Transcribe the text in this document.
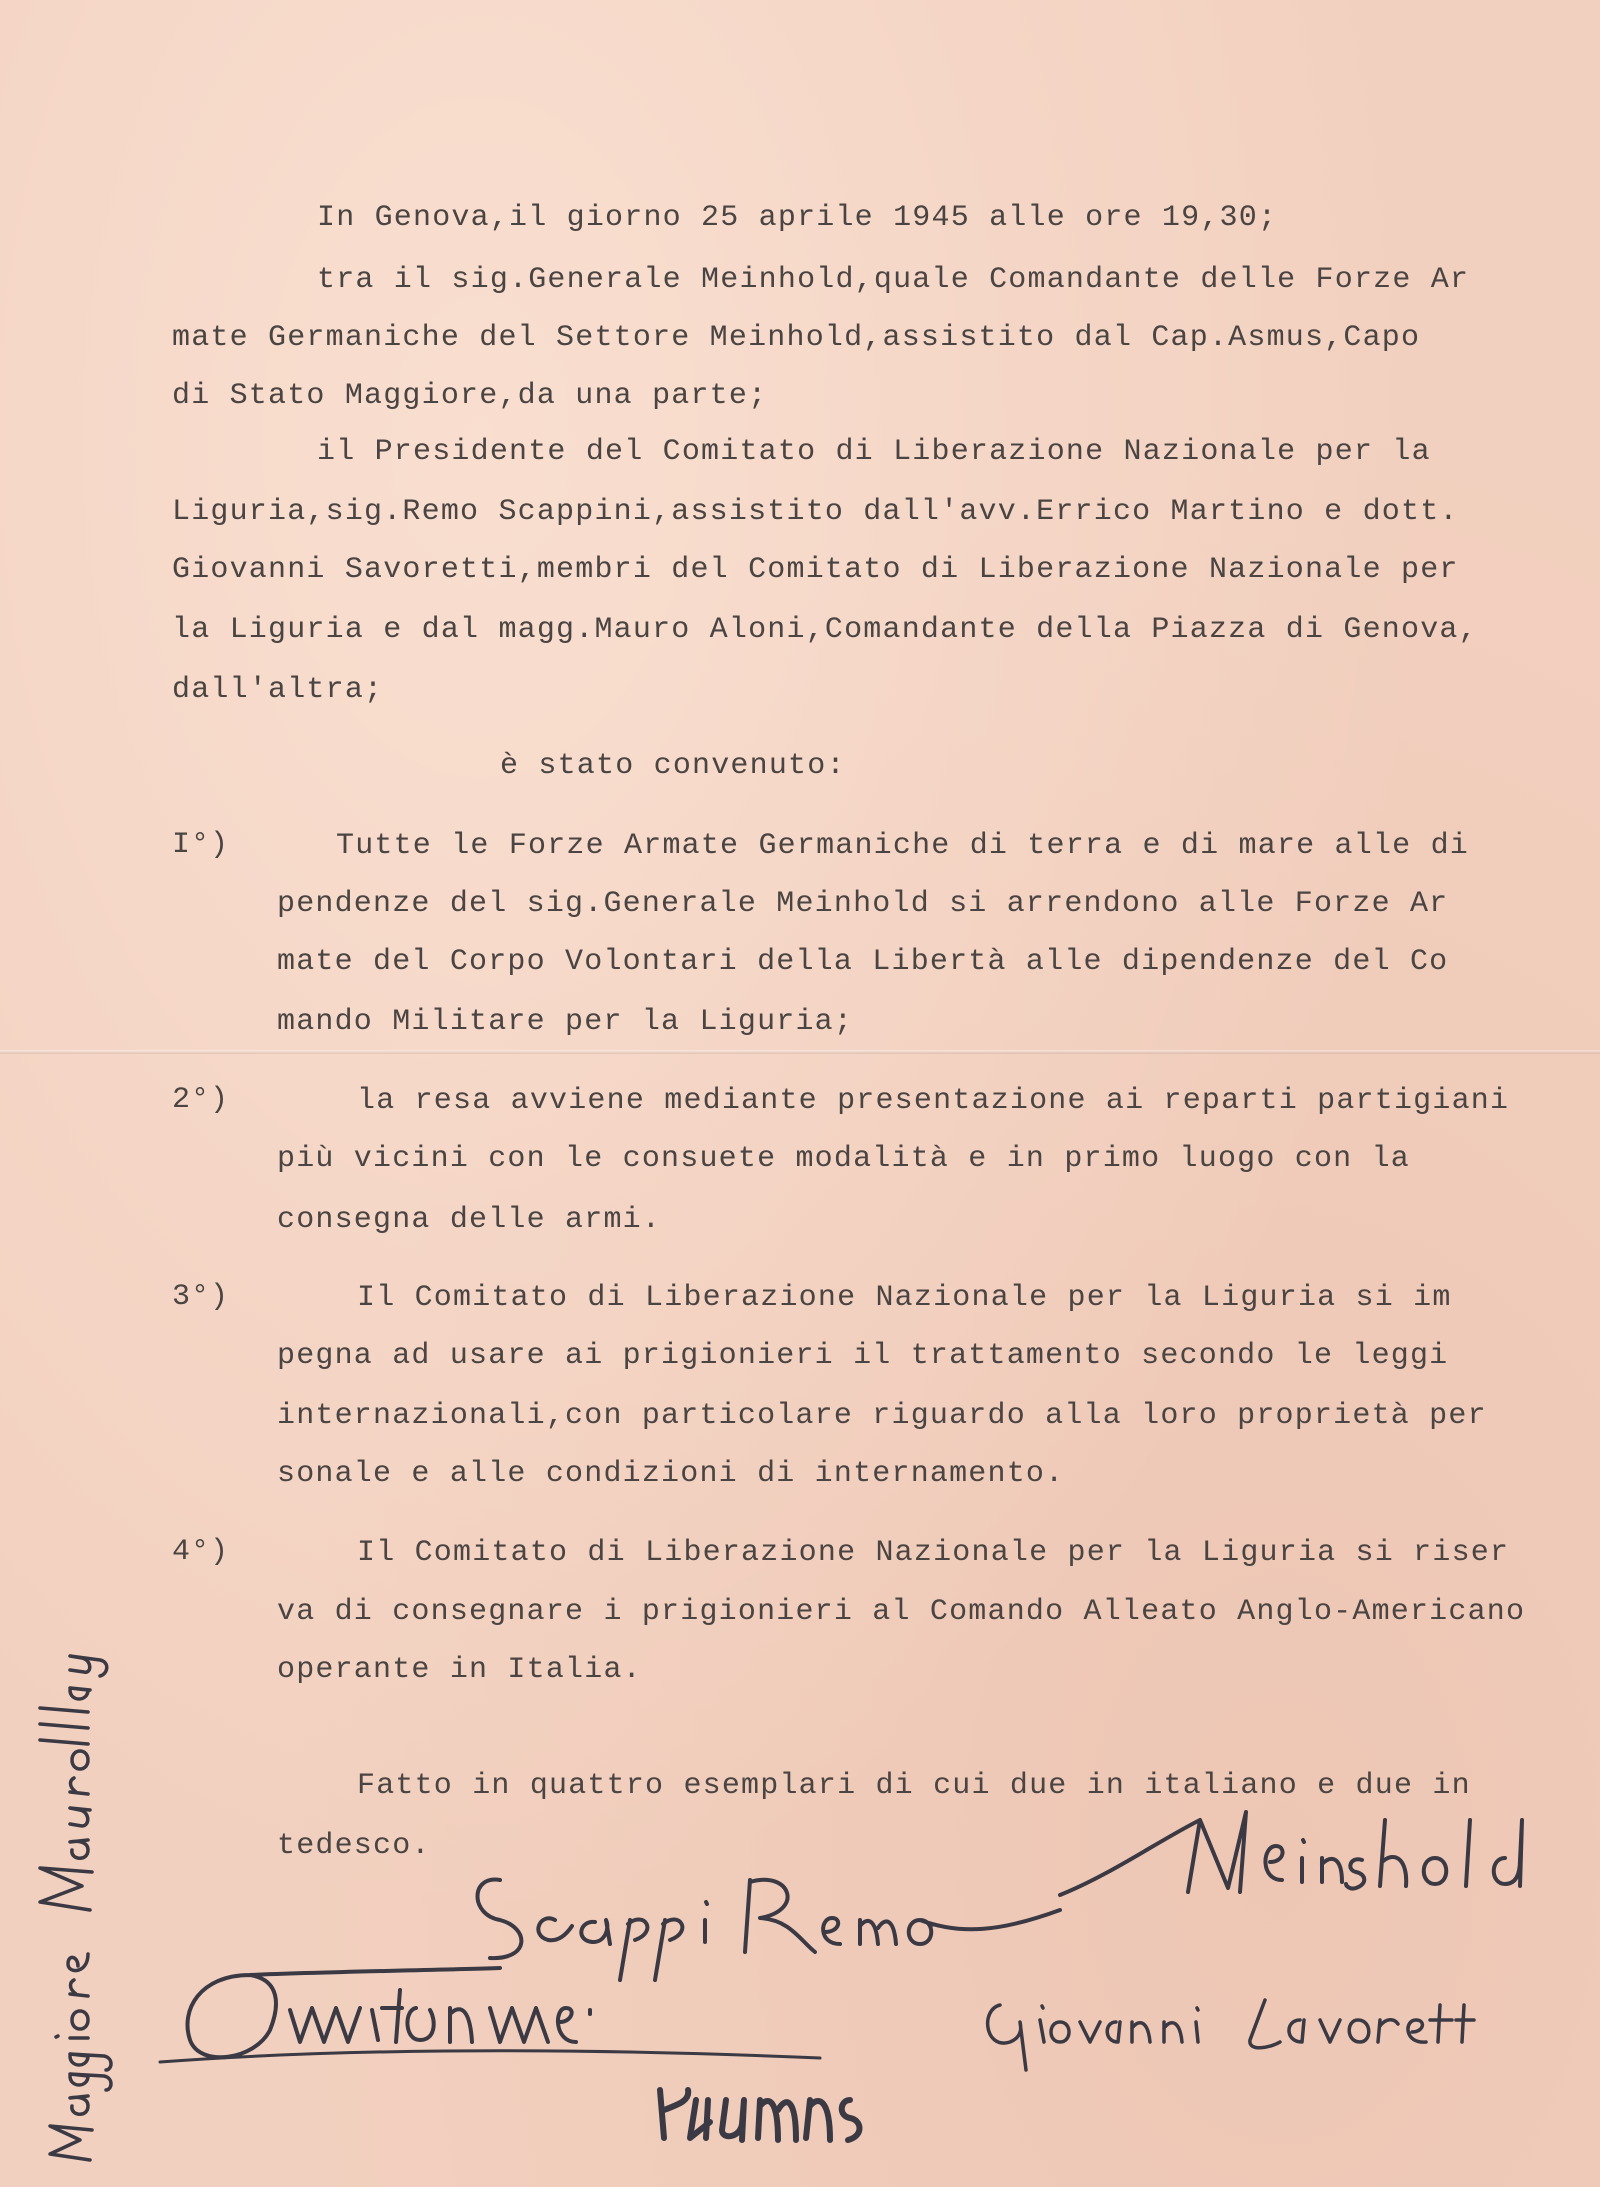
In Genova,il giorno 25 aprile 1945 alle ore 19,30;
tra il sig.Generale Meinhold,quale Comandante delle Forze Ar
mate Germaniche del Settore Meinhold,assistito dal Cap.Asmus,Capo
di Stato Maggiore,da una parte;
il Presidente del Comitato di Liberazione Nazionale per la
Liguria,sig.Remo Scappini,assistito dall'avv.Errico Martino e dott.
Giovanni Savoretti,membri del Comitato di Liberazione Nazionale per
la Liguria e dal magg.Mauro Aloni,Comandante della Piazza di Genova,
dall'altra;
è stato convenuto:
I°)	Tutte le Forze Armate Germaniche di terra e di mare alle di
pendenze del sig.Generale Meinhold si arrendono alle Forze Ar
mate del Corpo Volontari della Libertà alle dipendenze del Co
mando Militare per la Liguria;
2°)	la resa avviene mediante presentazione ai reparti partigiani
più vicini con le consuete modalità e in primo luogo con la
consegna delle armi.
3°)	Il Comitato di Liberazione Nazionale per la Liguria si im
pegna ad usare ai prigionieri il trattamento secondo le leggi
internazionali,con particolare riguardo alla loro proprietà per
sonale e alle condizioni di internamento.
4°)	Il Comitato di Liberazione Nazionale per la Liguria si riser
va di consegnare i prigionieri al Comando Alleato Anglo-Americano
operante in Italia.
Fatto in quattro esemplari di cui due in italiano e due in
tedesco.
